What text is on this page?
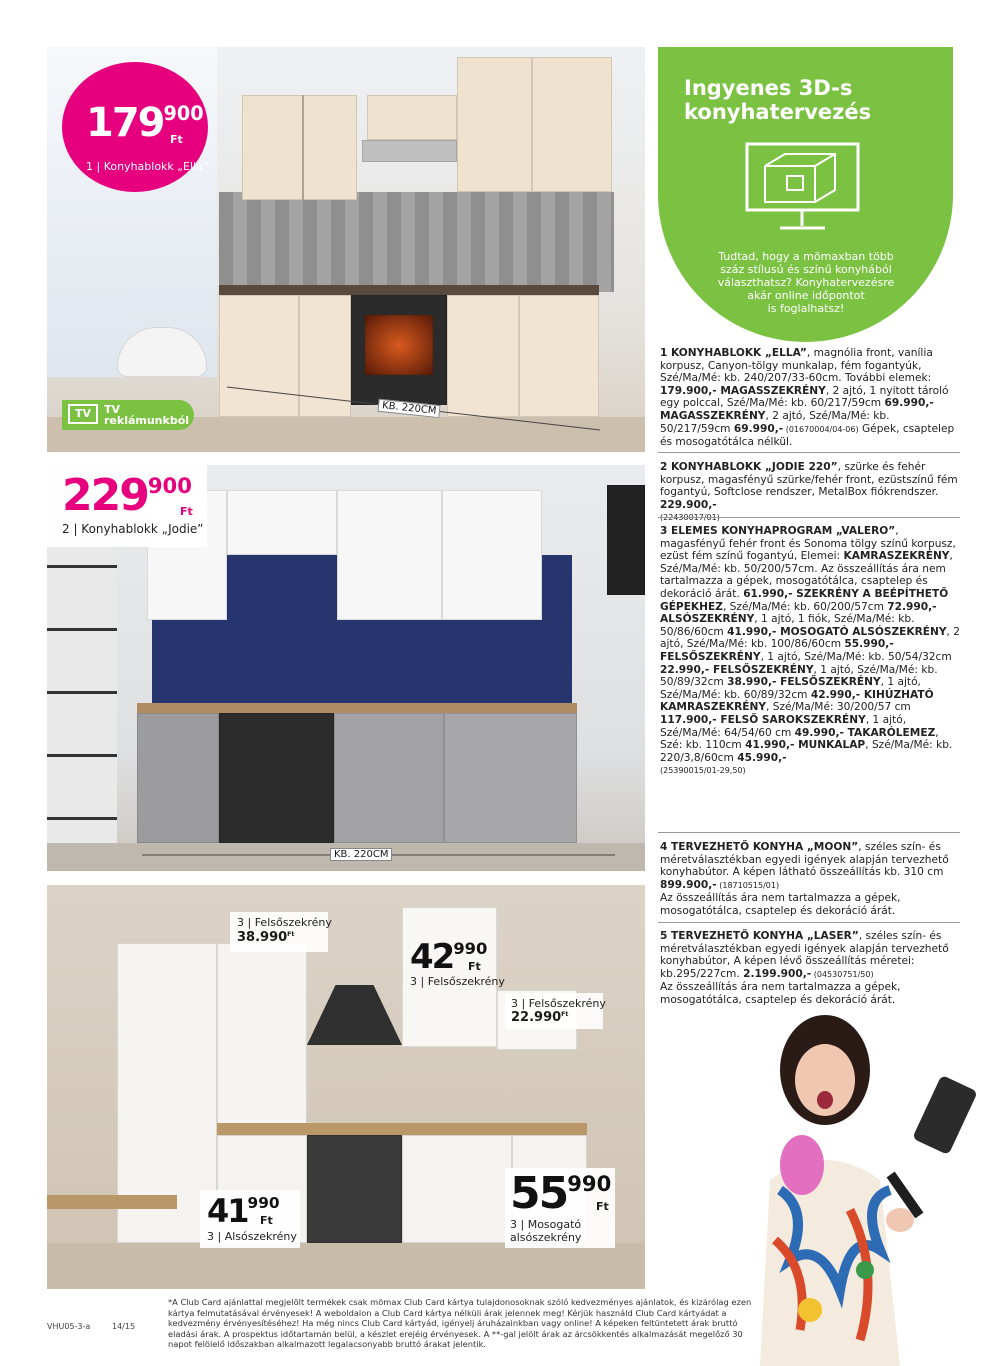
$179^{900}$
Ft
1 | Konyhablokk „Ella”
TV	TV
reklámunkból
KB. 220CM
$229^{900}$
Ft
2 | Konyhablokk „Jodie”
KB. 220CM
3 | Felsőszekrény
$38.990^{Ft}$
$42^{990}$
Ft
3 | Felsőszekrény
3 | Felsőszekrény
$22.990^{Ft}$
$41^{990}$
Ft
3 | Alsószekrény
$55^{990}$
Ft
3 | Mosogató
alsószekrény
Ingyenes 3D-s
konyhatervezés
Tudtad, hogy a mömaxban több
száz stílusú és színű konyhából
választhatsz? Konyhatervezésre
akár online időpontot
is foglalhatsz!
1 KONYHABLOKK „ELLA”, magnólia front, vanília korpusz, Canyon-tölgy munkalap, fém fogantyúk, Szé/Ma/Mé: kb. 240/207/33-60cm. További elemek: 179.900,- MAGASSZEKRÉNY, 2 ajtó, 1 nyitott tároló egy polccal, Szé/Ma/Mé: kb. 60/217/59cm 69.990,- MAGASSZEKRÉNY, 2 ajtó, Szé/Ma/Mé: kb. 50/217/59cm 69.990,- (01670004/04-06) Gépek, csaptelep és mosogatótálca nélkül.
2 KONYHABLOKK „JODIE 220”, szürke és fehér korpusz, magasfényű szürke/fehér front, ezüstszínű fém fogantyú, Softclose rendszer, MetalBox fiókrendszer. 229.900,-

3 ELEMES KONYHAPROGRAM „VALERO”, magasfényű fehér front és Sonoma tölgy színű korpusz, ezüst fém színű fogantyú, Elemei: KAMRASZEKRÉNY, Szé/Ma/Mé: kb. 50/200/57cm. Az összeállítás ára nem tartalmazza a gépek, mosogatótálca, csaptelep és dekoráció árát. 61.990,- SZEKRÉNY A BEÉPÍTHETŐ GÉPEKHEZ, Szé/Ma/Mé: kb. 60/200/57cm 72.990,- ALSÓSZEKRÉNY, 1 ajtó, 1 fiók, Szé/Ma/Mé: kb. 50/86/60cm 41.990,- MOSOGATÓ ALSÓSZEKRÉNY, 2 ajtó, Szé/Ma/Mé: kb. 100/86/60cm 55.990,- FELSŐSZEKRÉNY, 1 ajtó, Szé/Ma/Mé: kb. 50/54/32cm 22.990,- FELSŐSZEKRÉNY, 1 ajtó, Szé/Ma/Mé: kb. 50/89/32cm 38.990,- FELSŐSZEKRÉNY, 1 ajtó, Szé/Ma/Mé: kb. 60/89/32cm 42.990,- KIHÚZHATÓ KAMRASZEKRÉNY, Szé/Ma/Mé: 30/200/57 cm 117.900,- FELSŐ SAROKSZEKRÉNY, 1 ajtó, Szé/Ma/Mé: 64/54/60 cm 49.990,- TAKARÓLEMEZ, Szé: kb. 110cm 41.990,- MUNKALAP, Szé/Ma/Mé: kb. 220/3,8/60cm 45.990,-
(25390015/01-29,50)
4 TERVEZHETŐ KONYHA „MOON”, széles szín- és méretválasztékban egyedi igények alapján tervezhető konyhabútor. A képen látható összeállítás kb. 310 cm 899.900,- (18710515/01)
Az összeállítás ára nem tartalmazza a gépek, mosogatótálca, csaptelep és dekoráció árát.
5 TERVEZHETŐ KONYHA „LASER”, széles szín- és méretválasztékban egyedi igények alapján tervezhető konyhabútor, A képen lévő összeállítás méretei: kb.295/227cm. 2.199.900,- (04530751/50)
Az összeállítás ára nem tartalmazza a gépek, mosogatótálca, csaptelep és dekoráció árát.
VHU05-3-a	14/15
*A Club Card ajánlattal megjelölt termékek csak mömax Club Card kártya tulajdonosoknak szóló kedvezményes ajánlatok, és kizárólag ezen kártya felmutatásával érvényesek! A weboldalon a Club Card kártya nélküli árak jelennek meg! Kérjük használd Club Card kártyádat a kedvezmény érvényesítéséhez! Ha még nincs Club Card kártyád, igényelj áruházainkban vagy online! A képeken feltüntetett árak bruttó eladási árak. A prospektus időtartamán belül, a készlet erejéig érvényesek. A **-gal jelölt árak az árcsökkentés alkalmazását megelőző 30 napot felölelő időszakban alkalmazott legalacsonyabb bruttó árakat jelentik.
